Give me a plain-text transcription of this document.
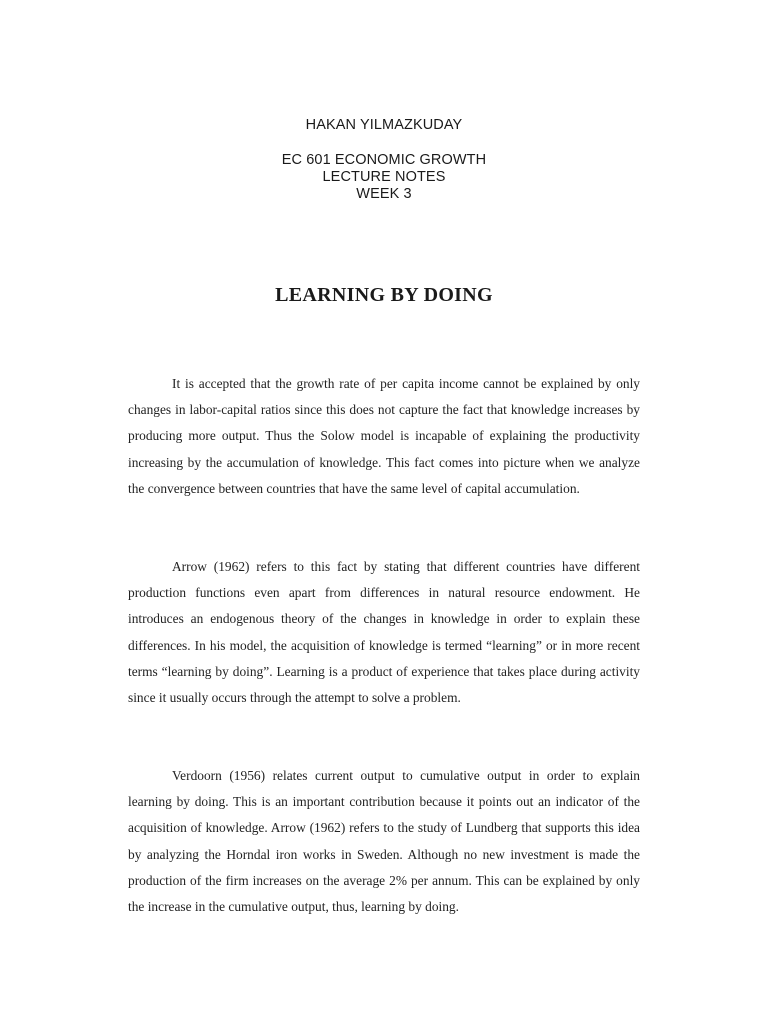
HAKAN YILMAZKUDAY
EC 601 ECONOMIC GROWTH
LECTURE NOTES
WEEK 3
LEARNING BY DOING

It is accepted that the growth rate of per capita income cannot be explained by only changes in labor-capital ratios since this does not capture the fact that knowledge increases by producing more output. Thus the Solow model is incapable of explaining the productivity increasing by the accumulation of knowledge. This fact comes into picture when we analyze the convergence between countries that have the same level of capital accumulation.

Arrow (1962) refers to this fact by stating that different countries have different production functions even apart from differences in natural resource endowment. He introduces an endogenous theory of the changes in knowledge in order to explain these differences. In his model, the acquisition of knowledge is termed “learning” or in more recent terms “learning by doing”. Learning is a product of experience that takes place during activity since it usually occurs through the attempt to solve a problem.

Verdoorn (1956) relates current output to cumulative output in order to explain learning by doing. This is an important contribution because it points out an indicator of the acquisition of knowledge. Arrow (1962) refers to the study of Lundberg that supports this idea by analyzing the Horndal iron works in Sweden. Although no new investment is made the production of the firm increases on the average 2% per annum. This can be explained by only the increase in the cumulative output, thus, learning by doing.
